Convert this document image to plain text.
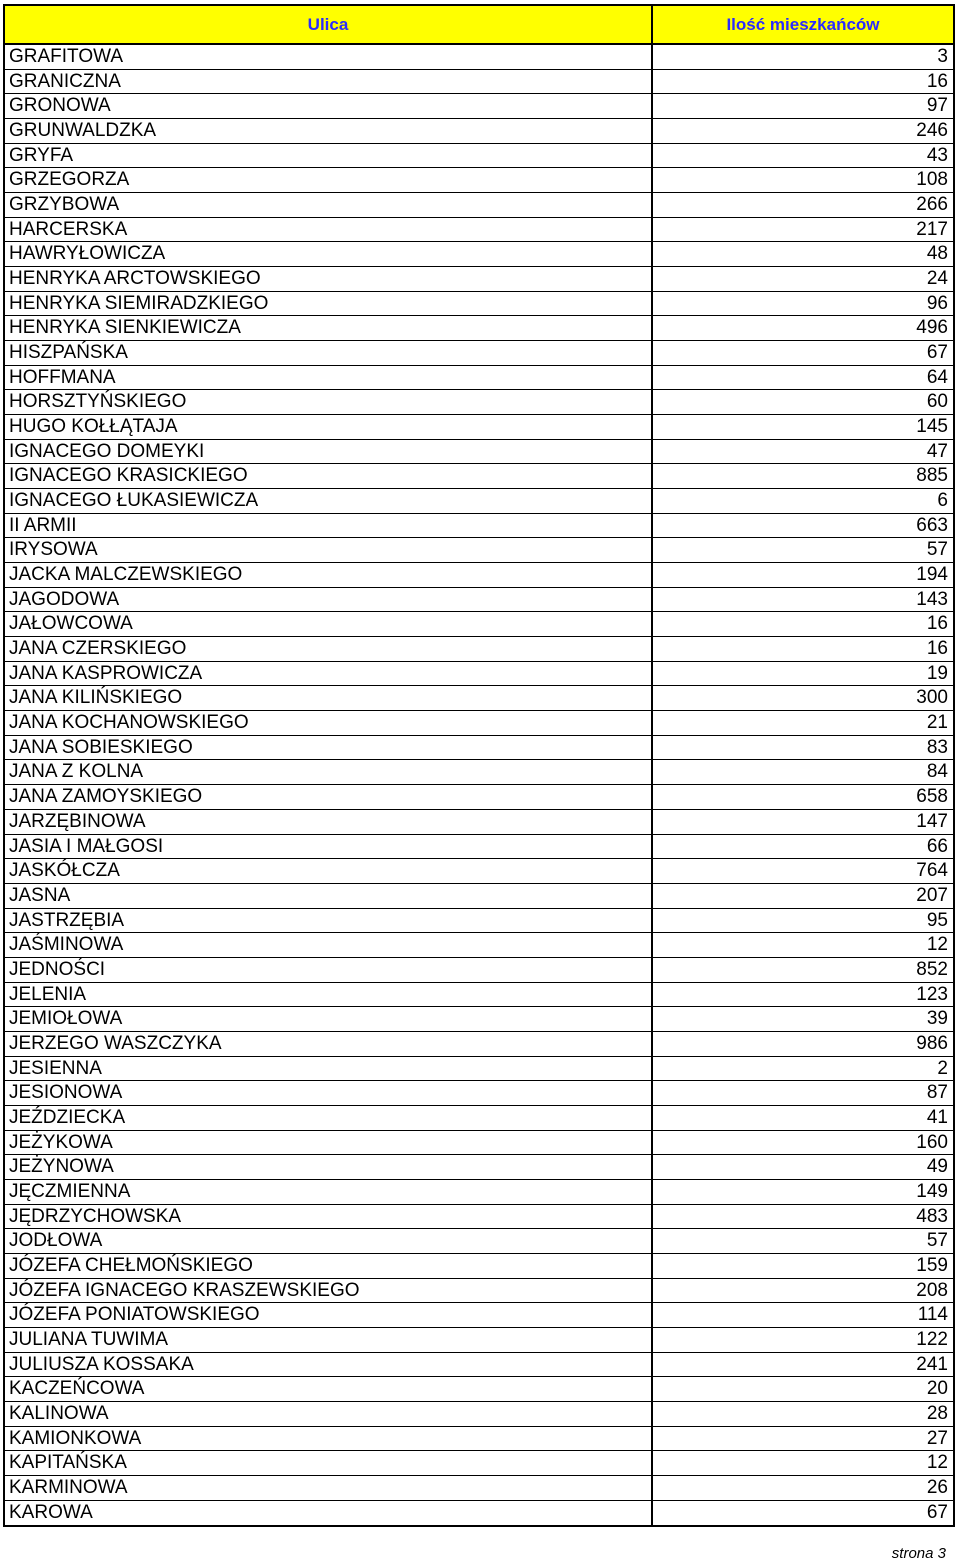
Ulica	Ilość mieszkańców
GRAFITOWA	3
GRANICZNA	16
GRONOWA	97
GRUNWALDZKA	246
GRYFA	43
GRZEGORZA	108
GRZYBOWA	266
HARCERSKA	217
HAWRYŁOWICZA	48
HENRYKA ARCTOWSKIEGO	24
HENRYKA SIEMIRADZKIEGO	96
HENRYKA SIENKIEWICZA	496
HISZPAŃSKA	67
HOFFMANA	64
HORSZTYŃSKIEGO	60
HUGO KOŁŁĄTAJA	145
IGNACEGO DOMEYKI	47
IGNACEGO KRASICKIEGO	885
IGNACEGO ŁUKASIEWICZA	6
II ARMII	663
IRYSOWA	57
JACKA MALCZEWSKIEGO	194
JAGODOWA	143
JAŁOWCOWA	16
JANA CZERSKIEGO	16
JANA KASPROWICZA	19
JANA KILIŃSKIEGO	300
JANA KOCHANOWSKIEGO	21
JANA SOBIESKIEGO	83
JANA Z KOLNA	84
JANA ZAMOYSKIEGO	658
JARZĘBINOWA	147
JASIA I MAŁGOSI	66
JASKÓŁCZA	764
JASNA	207
JASTRZĘBIA	95
JAŚMINOWA	12
JEDNOŚCI	852
JELENIA	123
JEMIOŁOWA	39
JERZEGO WASZCZYKA	986
JESIENNA	2
JESIONOWA	87
JEŹDZIECKA	41
JEŻYKOWA	160
JEŻYNOWA	49
JĘCZMIENNA	149
JĘDRZYCHOWSKA	483
JODŁOWA	57
JÓZEFA CHEŁMOŃSKIEGO	159
JÓZEFA IGNACEGO KRASZEWSKIEGO	208
JÓZEFA PONIATOWSKIEGO	114
JULIANA TUWIMA	122
JULIUSZA KOSSAKA	241
KACZEŃCOWA	20
KALINOWA	28
KAMIONKOWA	27
KAPITAŃSKA	12
KARMINOWA	26
KAROWA	67
strona 3
